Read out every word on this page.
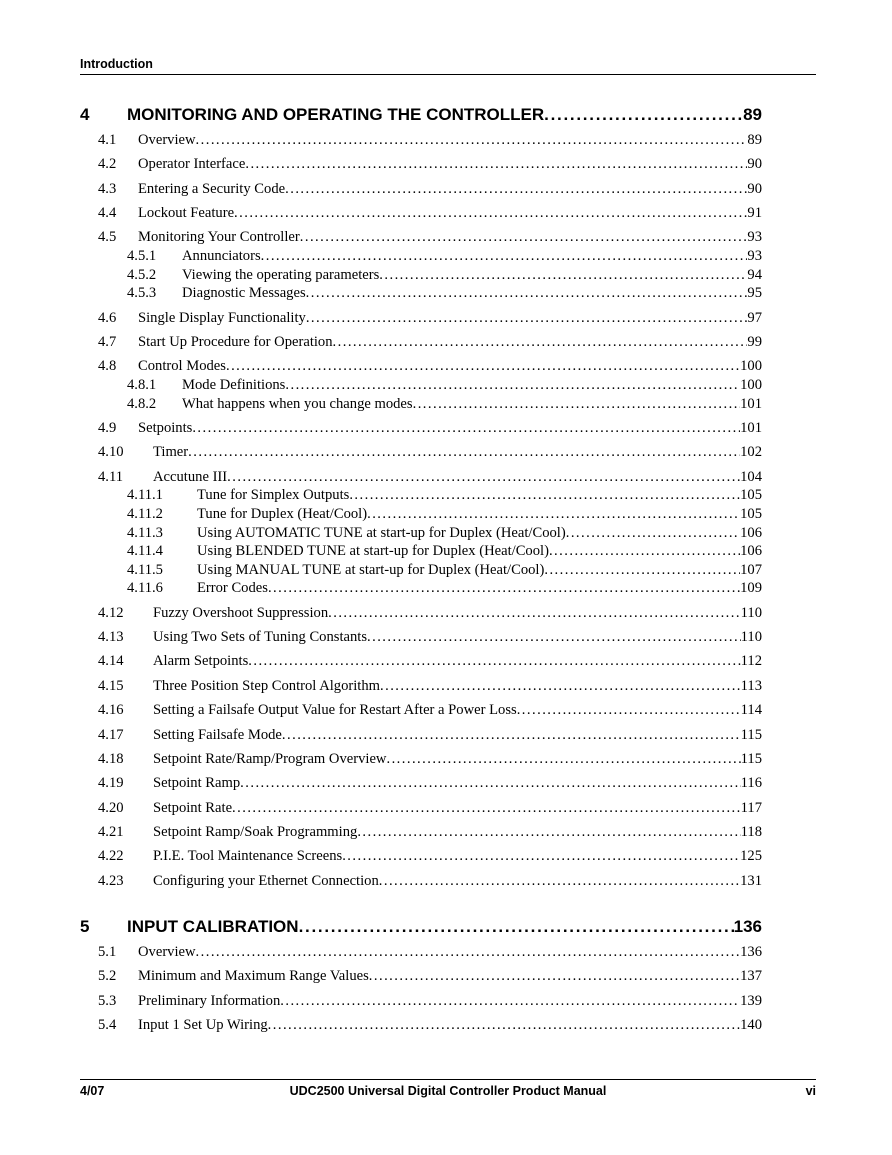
Introduction
4	MONITORING AND OPERATING THE CONTROLLER . . .	89
4.1	Overview . . .	89
4.2	Operator Interface . . .	90
4.3	Entering a Security Code . . .	90
4.4	Lockout Feature . . .	91
4.5	Monitoring Your Controller . . .	93
4.5.1	Annunciators . . .	93
4.5.2	Viewing the operating parameters . . .	94
4.5.3	Diagnostic Messages . . .	95
4.6	Single Display Functionality . . .	97
4.7	Start Up Procedure for Operation . . .	99
4.8	Control Modes . . .	100
4.8.1	Mode Definitions . . .	100
4.8.2	What happens when you change modes . . .	101
4.9	Setpoints . . .	101
4.10	Timer . . .	102
4.11	Accutune III . . .	104
4.11.1	Tune for Simplex Outputs . . .	105
4.11.2	Tune for Duplex (Heat/Cool) . . .	105
4.11.3	Using AUTOMATIC TUNE at start-up for Duplex (Heat/Cool) . . .	106
4.11.4	Using BLENDED TUNE at start-up for Duplex (Heat/Cool) . . .	106
4.11.5	Using MANUAL TUNE at start-up for Duplex (Heat/Cool) . . .	107
4.11.6	Error Codes . . .	109
4.12	Fuzzy Overshoot Suppression . . .	110
4.13	Using Two Sets of Tuning Constants . . .	110
4.14	Alarm Setpoints . . .	112
4.15	Three Position Step Control Algorithm . . .	113
4.16	Setting a Failsafe Output Value for Restart After a Power Loss . . .	114
4.17	Setting Failsafe Mode . . .	115
4.18	Setpoint Rate/Ramp/Program Overview . . .	115
4.19	Setpoint Ramp . . .	116
4.20	Setpoint Rate . . .	117
4.21	Setpoint Ramp/Soak Programming . . .	118
4.22	P.I.E. Tool Maintenance Screens . . .	125
4.23	Configuring your Ethernet Connection . . .	131
5	INPUT CALIBRATION . . .	136
5.1	Overview . . .	136
5.2	Minimum and Maximum Range Values . . .	137
5.3	Preliminary Information . . .	139
5.4	Input 1 Set Up Wiring . . .	140
4/07	UDC2500 Universal Digital Controller Product Manual	vi
